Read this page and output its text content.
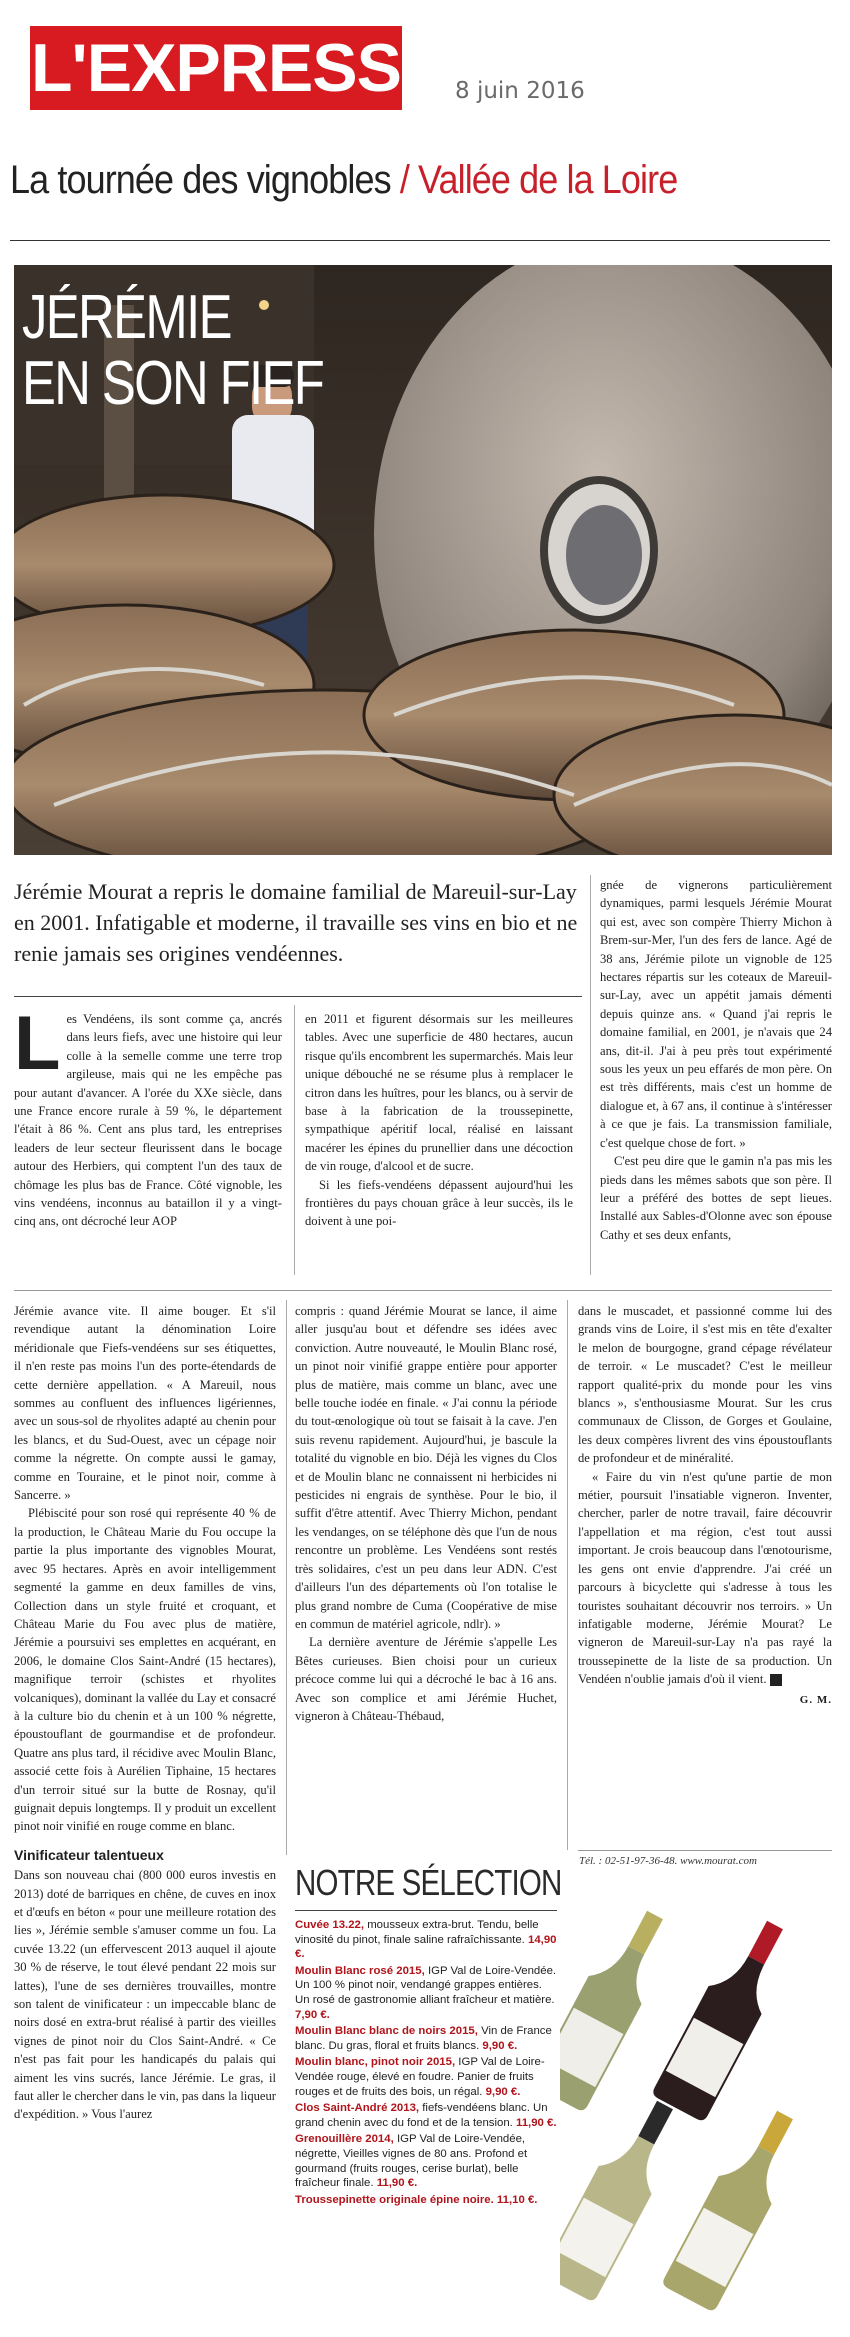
L'EXPRESS 8 juin 2016
La tournée des vignobles / Vallée de la Loire
JÉRÉMIE
EN SON FIEF
Jérémie Mourat a repris le domaine familial de Mareuil-sur-Lay en 2001. Infatigable et moderne, il travaille ses vins en bio et ne renie jamais ses origines vendéennes.
L es Vendéens, ils sont comme ça, ancrés dans leurs fiefs, avec une histoire qui leur colle à la semelle comme une terre trop argileuse, mais qui ne les empêche pas pour autant d'avancer. A l'orée du XXe siècle, dans une France encore rurale à 59 %, le département l'était à 86 %. Cent ans plus tard, les entreprises leaders de leur secteur fleurissent dans le bocage autour des Herbiers, qui comptent l'un des taux de chômage les plus bas de France. Côté vignoble, les vins vendéens, inconnus au bataillon il y a vingt-cinq ans, ont décroché leur AOP

en 2011 et figurent désormais sur les meilleures tables. Avec une superficie de 480 hectares, aucun risque qu'ils encombrent les supermarchés. Mais leur unique débouché ne se résume plus à remplacer le citron dans les huîtres, pour les blancs, ou à servir de base à la fabrication de la troussepinette, sympathique apéritif local, réalisé en laissant macérer les épines du prunellier dans une décoction de vin rouge, d'alcool et de sucre.

Si les fiefs-vendéens dépassent aujourd'hui les frontières du pays chouan grâce à leur succès, ils le doivent à une poi-

gnée de vignerons particulièrement dynamiques, parmi lesquels Jérémie Mourat qui est, avec son compère Thierry Michon à Brem-sur-Mer, l'un des fers de lance. Agé de 38 ans, Jérémie pilote un vignoble de 125 hectares répartis sur les coteaux de Mareuil-sur-Lay, avec un appétit jamais démenti depuis quinze ans. « Quand j'ai repris le domaine familial, en 2001, je n'avais que 24 ans, dit-il. J'ai à peu près tout expérimenté sous les yeux un peu effarés de mon père. On est très différents, mais c'est un homme de dialogue et, à 67 ans, il continue à s'intéresser à ce que je fais. La transmission familiale, c'est quelque chose de fort. »

C'est peu dire que le gamin n'a pas mis les pieds dans les mêmes sabots que son père. Il leur a préféré des bottes de sept lieues. Installé aux Sables-d'Olonne avec son épouse Cathy et ses deux enfants,

Jérémie avance vite. Il aime bouger. Et s'il revendique autant la dénomination Loire méridionale que Fiefs-vendéens sur ses étiquettes, il n'en reste pas moins l'un des porte-étendards de cette dernière appellation. « A Mareuil, nous sommes au confluent des influences ligériennes, avec un sous-sol de rhyolites adapté au chenin pour les blancs, et du Sud-Ouest, avec un cépage noir comme la négrette. On compte aussi le gamay, comme en Touraine, et le pinot noir, comme à Sancerre. »

Plébiscité pour son rosé qui représente 40 % de la production, le Château Marie du Fou occupe la partie la plus importante des vignobles Mourat, avec 95 hectares. Après en avoir intelligemment segmenté la gamme en deux familles de vins, Collection dans un style fruité et croquant, et Château Marie du Fou avec plus de matière, Jérémie a poursuivi ses emplettes en acquérant, en 2006, le domaine Clos Saint-André (15 hectares), magnifique terroir (schistes et rhyolites volcaniques), dominant la vallée du Lay et consacré à la culture bio du chenin et à un 100 % négrette, époustouflant de gourmandise et de profondeur. Quatre ans plus tard, il récidive avec Moulin Blanc, associé cette fois à Aurélien Tiphaine, 15 hectares d'un terroir situé sur la butte de Rosnay, qu'il guignait depuis longtemps. Il y produit un excellent pinot noir vinifié en rouge comme en blanc.

Vinificateur talentueux

Dans son nouveau chai (800 000 euros investis en 2013) doté de barriques en chêne, de cuves en inox et d'œufs en béton « pour une meilleure rotation des lies », Jérémie semble s'amuser comme un fou. La cuvée 13.22 (un effervescent 2013 auquel il ajoute 30 % de réserve, le tout élevé pendant 22 mois sur lattes), l'une de ses dernières trouvailles, montre son talent de vinificateur : un impeccable blanc de noirs dosé en extra-brut réalisé à partir des vieilles vignes de pinot noir du Clos Saint-André. « Ce n'est pas fait pour les handicapés du palais qui aiment les vins sucrés, lance Jérémie. Le gras, il faut aller le chercher dans le vin, pas dans la liqueur d'expédition. » Vous l'aurez

compris : quand Jérémie Mourat se lance, il aime aller jusqu'au bout et défendre ses idées avec conviction. Autre nouveauté, le Moulin Blanc rosé, un pinot noir vinifié grappe entière pour apporter plus de matière, mais comme un blanc, avec une belle touche iodée en finale. « J'ai connu la période du tout-œnologique où tout se faisait à la cave. J'en suis revenu rapidement. Aujourd'hui, je bascule la totalité du vignoble en bio. Déjà les vignes du Clos et de Moulin blanc ne connaissent ni herbicides ni pesticides ni engrais de synthèse. Pour le bio, il suffit d'être attentif. Avec Thierry Michon, pendant les vendanges, on se téléphone dès que l'un de nous rencontre un problème. Les Vendéens sont restés très solidaires, c'est un peu dans leur ADN. C'est d'ailleurs l'un des départements où l'on totalise le plus grand nombre de Cuma (Coopérative de mise en commun de matériel agricole, ndlr). »

La dernière aventure de Jérémie s'appelle Les Bêtes curieuses. Bien choisi pour un curieux précoce comme lui qui a décroché le bac à 16 ans. Avec son complice et ami Jérémie Huchet, vigneron à Château-Thébaud,

dans le muscadet, et passionné comme lui des grands vins de Loire, il s'est mis en tête d'exalter le melon de bourgogne, grand cépage révélateur de terroir. « Le muscadet? C'est le meilleur rapport qualité-prix du monde pour les vins blancs », s'enthousiasme Mourat. Sur les crus communaux de Clisson, de Gorges et Goulaine, les deux compères livrent des vins époustouflants de profondeur et de minéralité.

« Faire du vin n'est qu'une partie de mon métier, poursuit l'insatiable vigneron. Inventer, chercher, parler de notre travail, faire découvrir l'appellation et ma région, c'est tout aussi important. Je crois beaucoup dans l'œnotourisme, les gens ont envie d'apprendre. J'ai créé un parcours à bicyclette qui s'adresse à tous les touristes souhaitant découvrir nos terroirs. » Un infatigable moderne, Jérémie Mourat? Le vigneron de Mareuil-sur-Lay n'a pas rayé la troussepinette de la liste de sa production. Un Vendéen n'oublie jamais d'où il vient. E

G. M.
Tél. : 02-51-97-36-48. www.mourat.com
NOTRE SÉLECTION
Cuvée 13.22, mousseux extra-brut. Tendu, belle vinosité du pinot, finale saline rafraîchissante. 14,90 €.
Moulin Blanc rosé 2015, IGP Val de Loire-Vendée. Un 100 % pinot noir, vendangé grappes entières. Un rosé de gastronomie alliant fraîcheur et matière. 7,90 €.
Moulin Blanc blanc de noirs 2015, Vin de France blanc. Du gras, floral et fruits blancs. 9,90 €.
Moulin blanc, pinot noir 2015, IGP Val de Loire-Vendée rouge, élevé en foudre. Panier de fruits rouges et de fruits des bois, un régal. 9,90 €.
Clos Saint-André 2013, fiefs-vendéens blanc. Un grand chenin avec du fond et de la tension. 11,90 €.
Grenouillère 2014, IGP Val de Loire-Vendée, négrette, Vieilles vignes de 80 ans. Profond et gourmand (fruits rouges, cerise burlat), belle fraîcheur finale. 11,90 €.
Troussepinette originale épine noire. 11,10 €.
